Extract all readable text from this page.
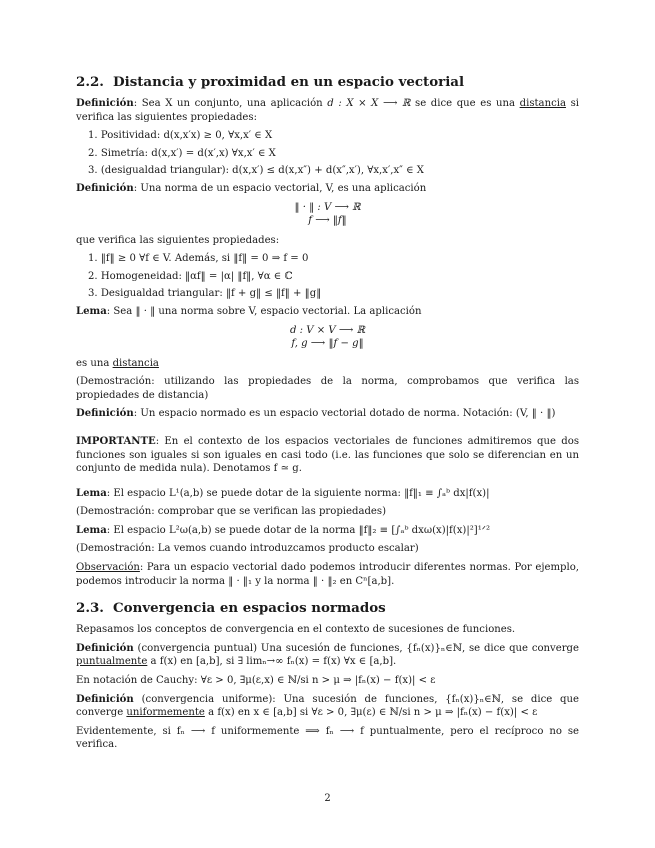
2.2. Distancia y proximidad en un espacio vectorial
Definición: Sea X un conjunto, una aplicación d : X × X ⟶ ℝ se dice que es una distancia si verifica las siguientes propiedades:
1. Positividad: d(x,x′x) ≥ 0, ∀x,x′ ∈ X
2. Simetría: d(x,x′) = d(x′,x) ∀x,x′ ∈ X
3. (desigualdad triangular): d(x,x′) ≤ d(x,x″) + d(x″,x′), ∀x,x′,x″ ∈ X
Definición: Una norma de un espacio vectorial, V, es una aplicación
‖ · ‖ : V ⟶ ℝ
f ⟶ ‖f‖
que verifica las siguientes propiedades:
1. ‖f‖ ≥ 0 ∀f ∈ V. Además, si ‖f‖ = 0 ⇒ f = 0
2. Homogeneidad: ‖αf‖ = |α| ‖f‖, ∀α ∈ ℂ
3. Desigualdad triangular: ‖f + g‖ ≤ ‖f‖ + ‖g‖
Lema: Sea ‖ · ‖ una norma sobre V, espacio vectorial. La aplicación
d : V × V ⟶ ℝ
f, g ⟶ ‖f − g‖
es una distancia
(Demostración: utilizando las propiedades de la norma, comprobamos que verifica las propiedades de distancia)
Definición: Un espacio normado es un espacio vectorial dotado de norma. Notación: (V, ‖ · ‖)
IMPORTANTE: En el contexto de los espacios vectoriales de funciones admitiremos que dos funciones son iguales si son iguales en casi todo (i.e. las funciones que solo se diferencian en un conjunto de medida nula). Denotamos f ≃ g.
Lema: El espacio L¹(a,b) se puede dotar de la siguiente norma: ‖f‖₁ ≡ ∫ₐᵇ dx|f(x)|
(Demostración: comprobar que se verifican las propiedades)
Lema: El espacio L²ω(a,b) se puede dotar de la norma ‖f‖₂ ≡ [∫ₐᵇ dxω(x)|f(x)|²]¹ᐟ²
(Demostración: La vemos cuando introduzcamos producto escalar)
Observación: Para un espacio vectorial dado podemos introducir diferentes normas. Por ejemplo, podemos introducir la norma ‖ · ‖₁ y la norma ‖ · ‖₂ en Cⁿ[a,b].
2.3. Convergencia en espacios normados
Repasamos los conceptos de convergencia en el contexto de sucesiones de funciones.
Definición (convergencia puntual) Una sucesión de funciones, {fₙ(x)}ₙ∈ℕ, se dice que converge puntualmente a f(x) en [a,b], si ∃ limₙ→∞ fₙ(x) = f(x) ∀x ∈ [a,b].
En notación de Cauchy: ∀ε > 0, ∃μ(ε,x) ∈ ℕ/si n > μ ⇒ |fₙ(x) − f(x)| < ε
Definición (convergencia uniforme): Una sucesión de funciones, {fₙ(x)}ₙ∈ℕ, se dice que converge uniformemente a f(x) en x ∈ [a,b] si ∀ε > 0, ∃μ(ε) ∈ ℕ/si n > μ ⇒ |fₙ(x) − f(x)| < ε
Evidentemente, si fₙ ⟶ f uniformemente ⟹ fₙ ⟶ f puntualmente, pero el recíproco no se verifica.
2
